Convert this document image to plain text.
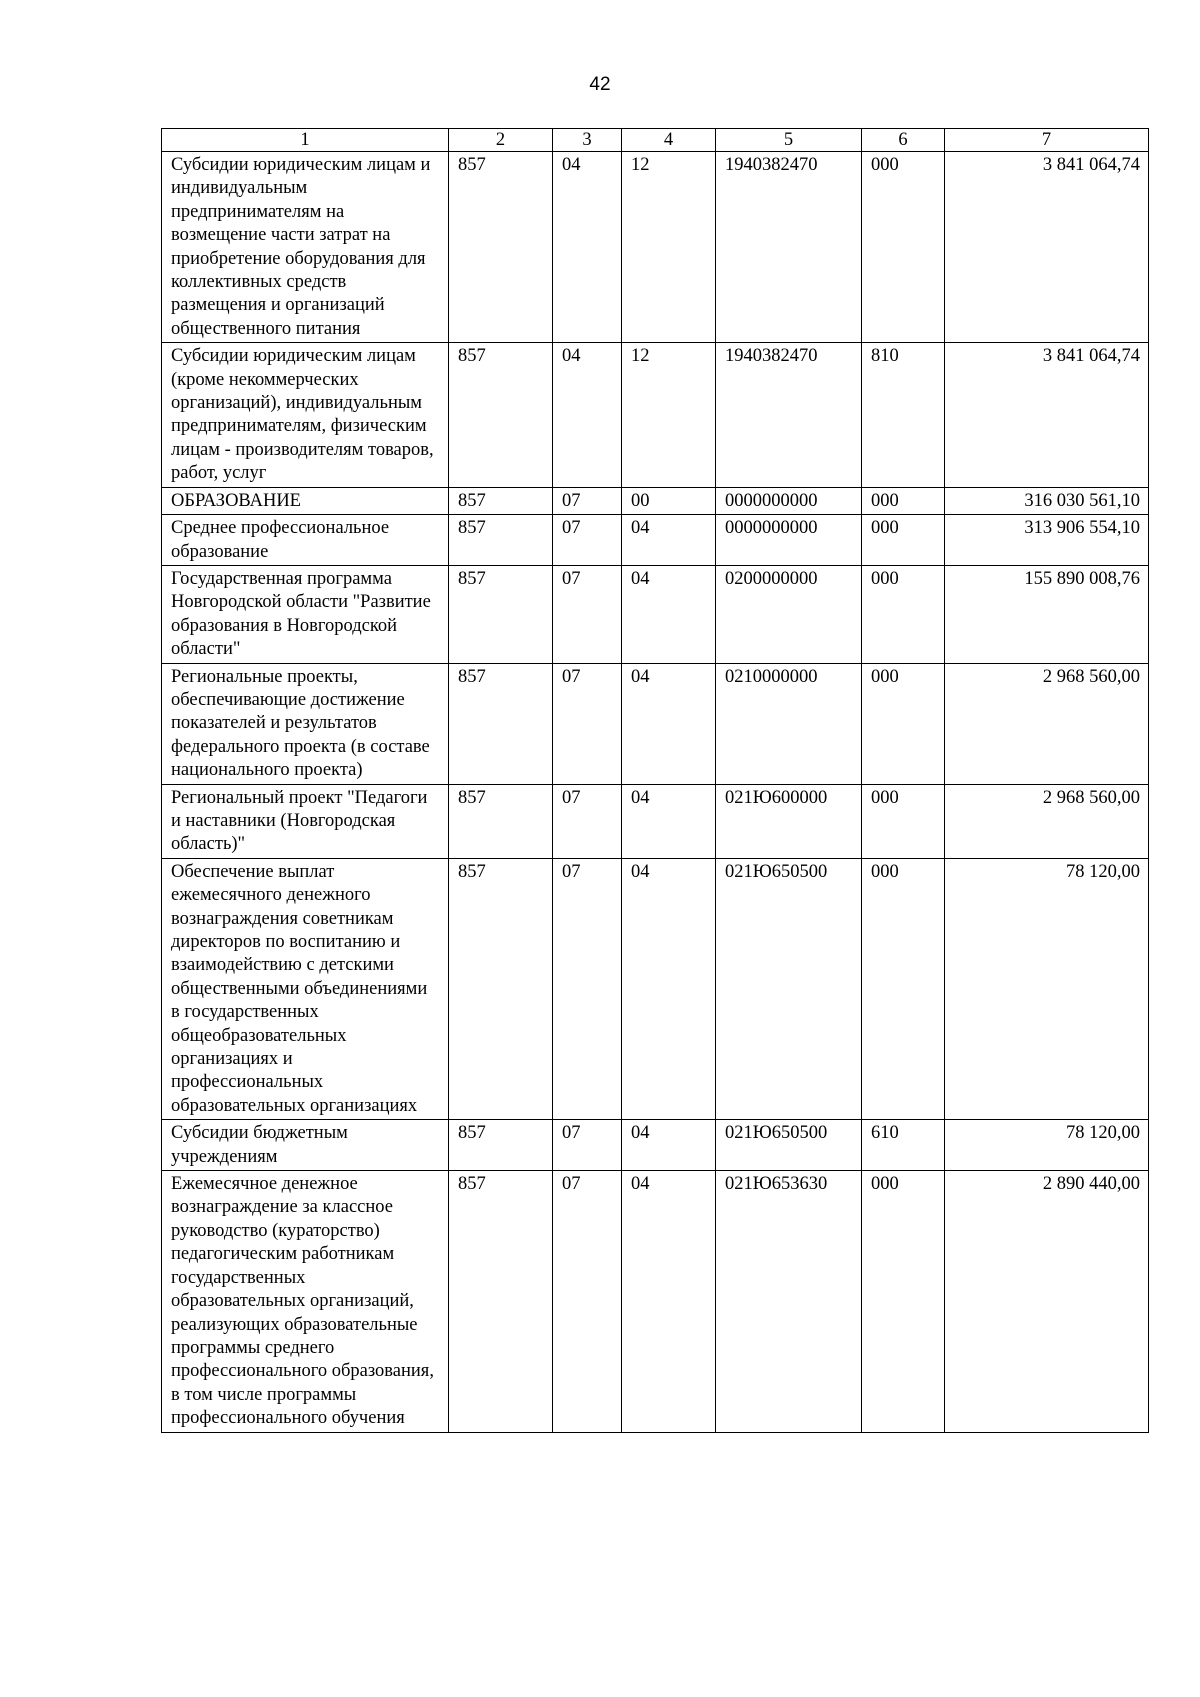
42
1	2	3	4	5	6	7
Субсидии юридическим лицам и индивидуальным предпринимателям на возмещение части затрат на приобретение оборудования для коллективных средств размещения и организаций общественного питания	857	04	12	1940382470	000	3 841 064,74
Субсидии юридическим лицам (кроме некоммерческих организаций), индивидуальным предпринимателям, физическим лицам - производителям товаров, работ, услуг	857	04	12	1940382470	810	3 841 064,74
ОБРАЗОВАНИЕ	857	07	00	0000000000	000	316 030 561,10
Среднее профессиональное образование	857	07	04	0000000000	000	313 906 554,10
Государственная программа Новгородской области "Развитие образования в Новгородской области"	857	07	04	0200000000	000	155 890 008,76
Региональные проекты, обеспечивающие достижение показателей и результатов федерального проекта (в составе национального проекта)	857	07	04	0210000000	000	2 968 560,00
Региональный проект "Педагоги и наставники (Новгородская область)"	857	07	04	021Ю600000	000	2 968 560,00
Обеспечение выплат ежемесячного денежного вознаграждения советникам директоров по воспитанию и взаимодействию с детскими общественными объединениями в государственных общеобразовательных организациях и профессиональных образовательных организациях	857	07	04	021Ю650500	000	78 120,00
Субсидии бюджетным учреждениям	857	07	04	021Ю650500	610	78 120,00
Ежемесячное денежное вознаграждение за классное руководство (кураторство) педагогическим работникам государственных образовательных организаций, реализующих образовательные программы среднего профессионального образования, в том числе программы профессионального обучения	857	07	04	021Ю653630	000	2 890 440,00
